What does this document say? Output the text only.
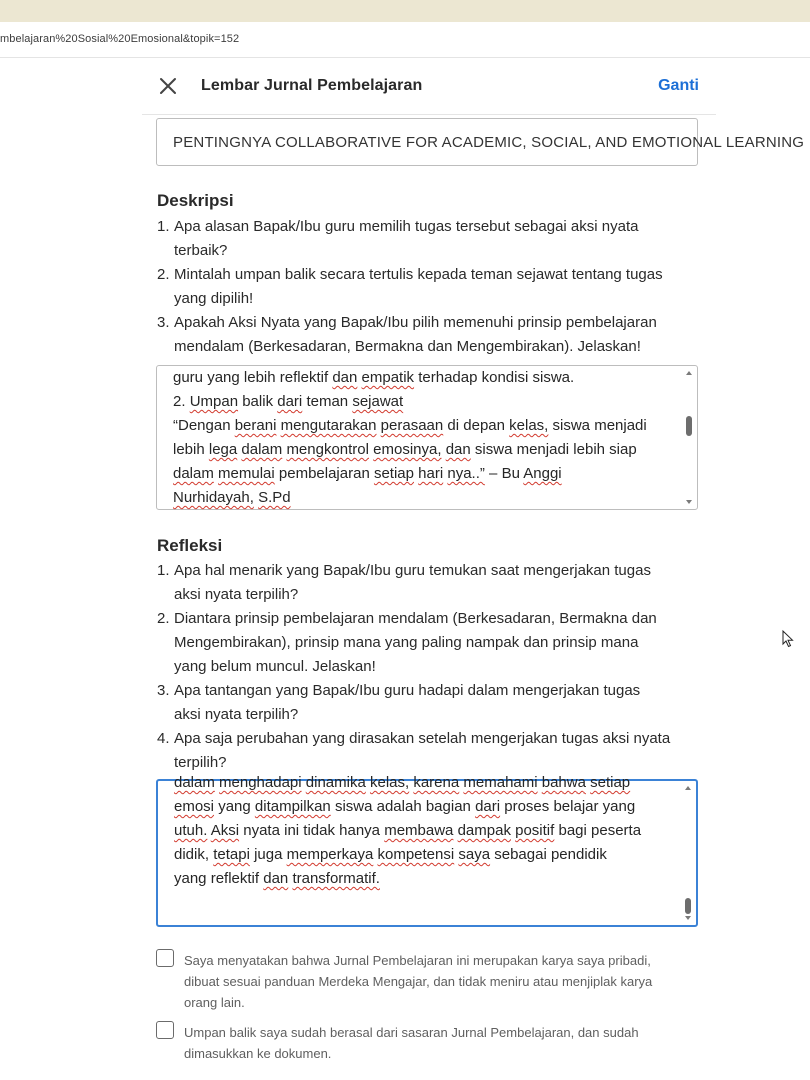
mbelajaran%20Sosial%20Emosional&topik=152
Lembar Jurnal Pembelajaran	Ganti
PENTINGNYA COLLABORATIVE FOR ACADEMIC, SOCIAL, AND EMOTIONAL LEARNING
Deskripsi
1. Apa alasan Bapak/Ibu guru memilih tugas tersebut sebagai aksi nyata
terbaik?
2. Mintalah umpan balik secara tertulis kepada teman sejawat tentang tugas
yang dipilih!
3. Apakah Aksi Nyata yang Bapak/Ibu pilih memenuhi prinsip pembelajaran
mendalam (Berkesadaran, Bermakna dan Mengembirakan). Jelaskan!
guru yang lebih reflektif dan empatik terhadap kondisi siswa.
2. Umpan balik dari teman sejawat
“Dengan berani mengutarakan perasaan di depan kelas, siswa menjadi
lebih lega dalam mengkontrol emosinya, dan siswa menjadi lebih siap
dalam memulai pembelajaran setiap hari nya..” – Bu Anggi
Nurhidayah, S.Pd
Refleksi
1. Apa hal menarik yang Bapak/Ibu guru temukan saat mengerjakan tugas
aksi nyata terpilih?
2. Diantara prinsip pembelajaran mendalam (Berkesadaran, Bermakna dan
Mengembirakan), prinsip mana yang paling nampak dan prinsip mana
yang belum muncul. Jelaskan!
3. Apa tantangan yang Bapak/Ibu guru hadapi dalam mengerjakan tugas
aksi nyata terpilih?
4. Apa saja perubahan yang dirasakan setelah mengerjakan tugas aksi nyata
terpilih?
dalam menghadapi dinamika kelas, karena memahami bahwa setiap
emosi yang ditampilkan siswa adalah bagian dari proses belajar yang
utuh. Aksi nyata ini tidak hanya membawa dampak positif bagi peserta
didik, tetapi juga memperkaya kompetensi saya sebagai pendidik
yang reflektif dan transformatif.
Saya menyatakan bahwa Jurnal Pembelajaran ini merupakan karya saya pribadi,
dibuat sesuai panduan Merdeka Mengajar, dan tidak meniru atau menjiplak karya
orang lain.
Umpan balik saya sudah berasal dari sasaran Jurnal Pembelajaran, dan sudah
dimasukkan ke dokumen.
